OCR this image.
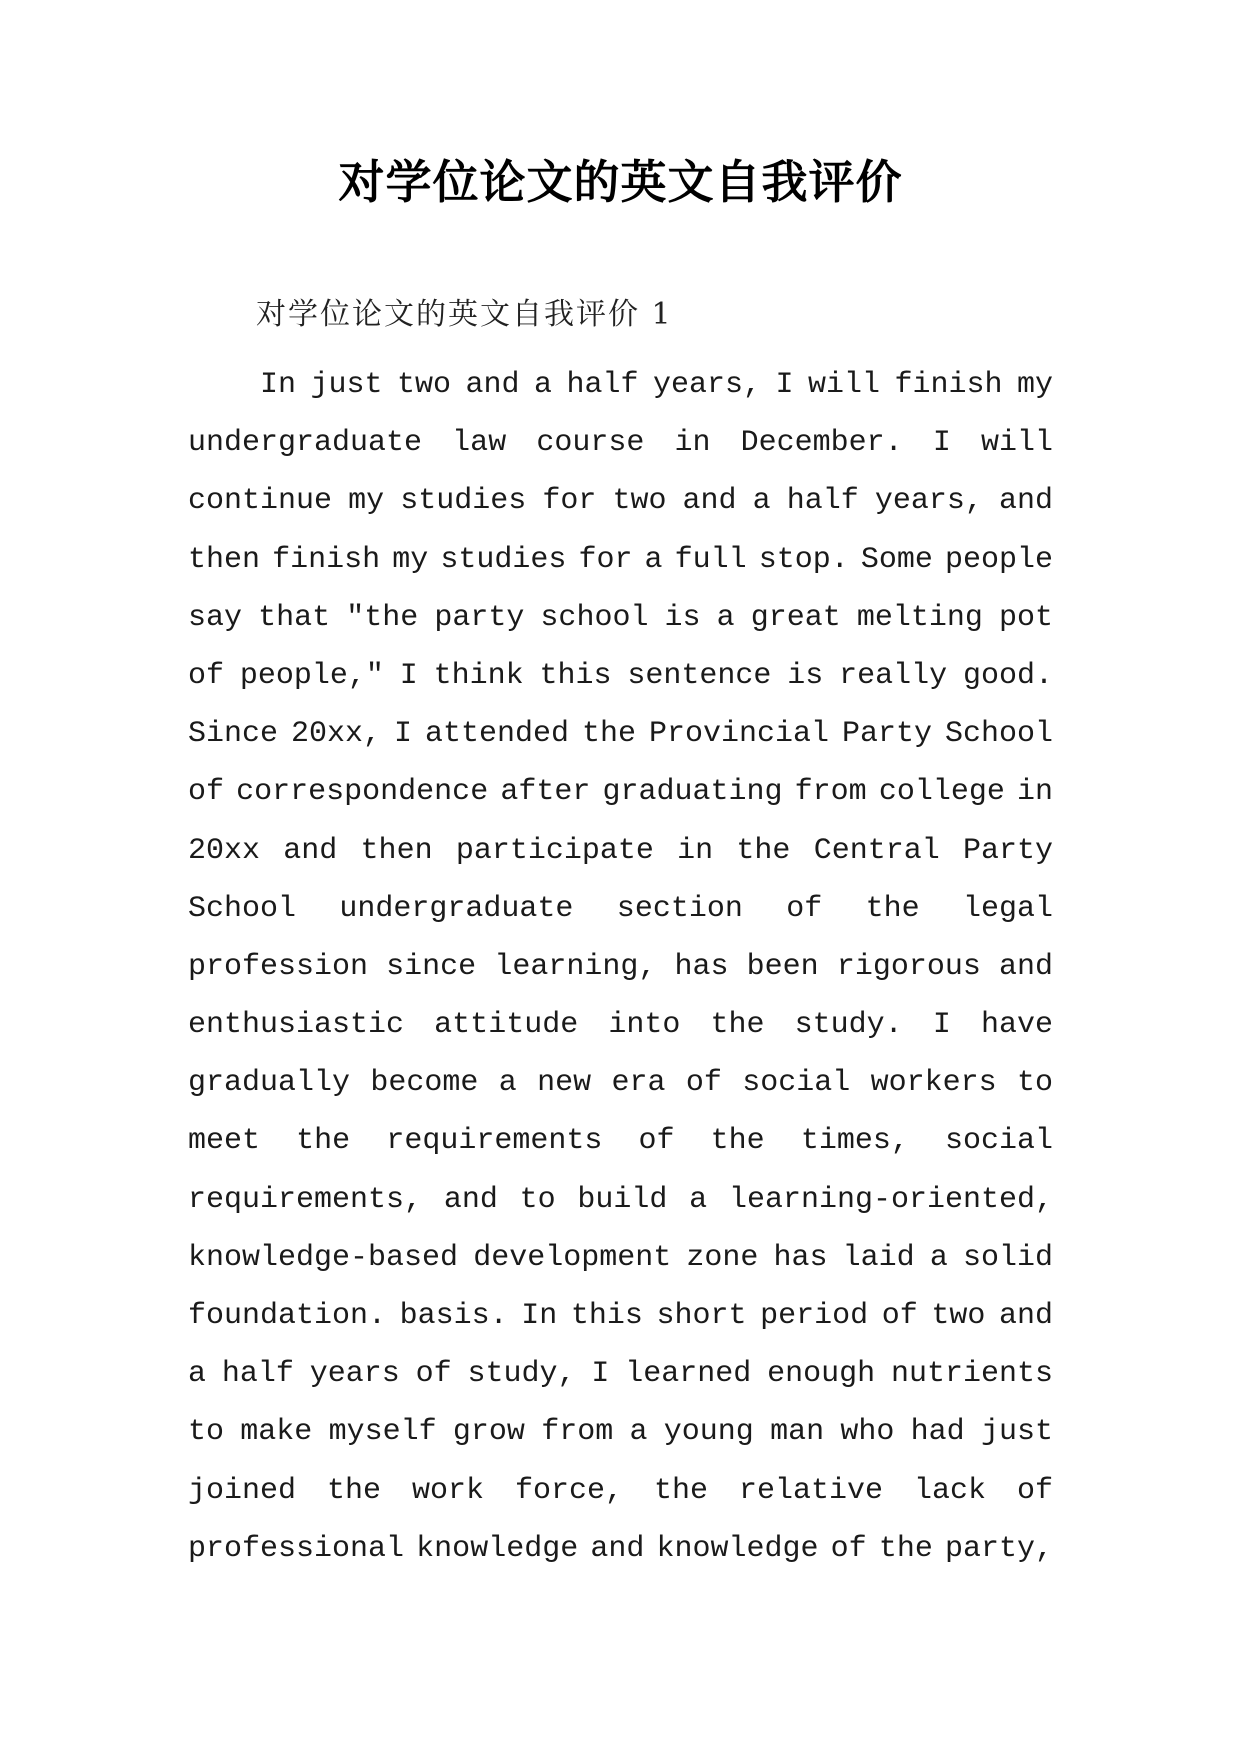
对学位论文的英文自我评价
对学位论文的英文自我评价 1
In just two and a half years, I will finish my
undergraduate law course in December. I will
continue my studies for two and a half years, and
then finish my studies for a full stop. Some people
say that "the party school is a great melting pot
of people," I think this sentence is really good.
Since 20xx, I attended the Provincial Party School
of correspondence after graduating from college in
20xx and then participate in the Central Party
School undergraduate section of the legal
profession since learning, has been rigorous and
enthusiastic attitude into the study. I have
gradually become a new era of social workers to
meet the requirements of the times, social
requirements, and to build a learning-oriented,
knowledge-based development zone has laid a solid
foundation. basis. In this short period of two and
a half years of study, I learned enough nutrients
to make myself grow from a young man who had just
joined the work force, the relative lack of
professional knowledge and knowledge of the party,
